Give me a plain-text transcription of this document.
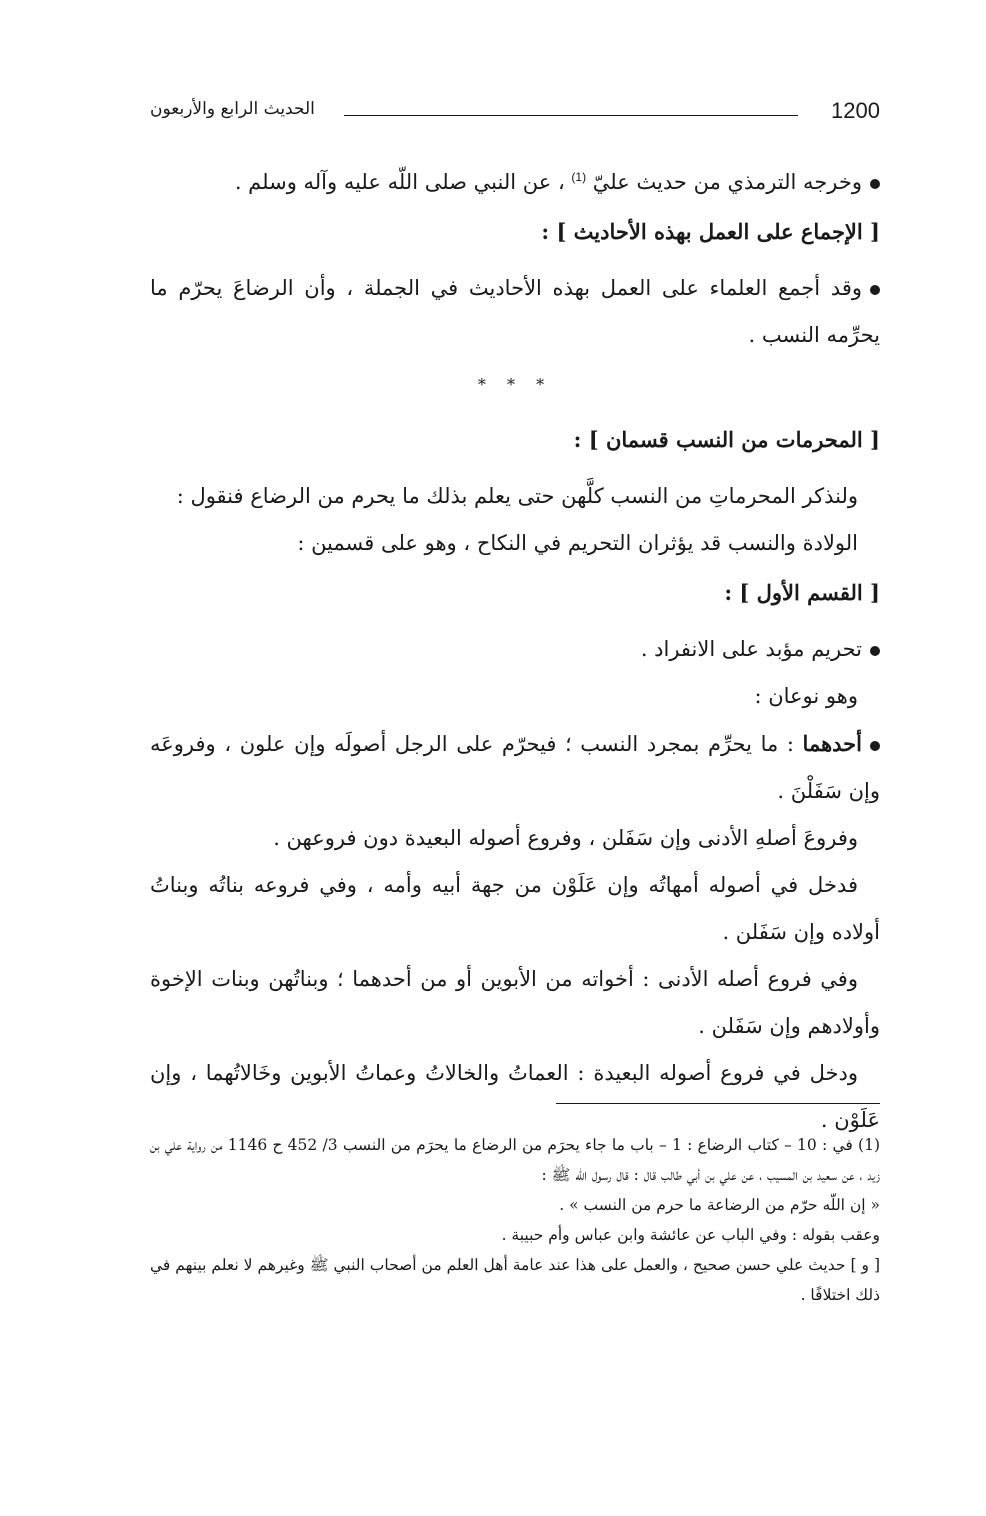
1200
الحديث الرابع والأربعون

وخرجه الترمذي من حديث عليّ $^{(1)}$ ، عن النبي صلى اللّه عليه وآله وسلم .

[ الإجماع على العمل بهذه الأحاديث ] :

وقد أجمع العلماء على العمل بهذه الأحاديث في الجملة ، وأن الرضاعَ يحرّم ما يحرِّمه النسب .

* * *

[ المحرمات من النسب قسمان ] :

ولنذكر المحرماتِ من النسب كلَّهن حتى يعلم بذلك ما يحرم من الرضاع فنقول :

الولادة والنسب قد يؤثران التحريم في النكاح ، وهو على قسمين :

[ القسم الأول ] :

تحريم مؤبد على الانفراد .

وهو نوعان :

أحدهما : ما يحرِّم بمجرد النسب ؛ فيحرّم على الرجل أصولَه وإن علون ، وفروعَه وإن سَفَلْنَ .

وفروعَ أصلهِ الأدنى وإن سَفَلن ، وفروع أصوله البعيدة دون فروعهن .

فدخل في أصوله أمهاتُه وإن عَلَوْن من جهة أبيه وأمه ، وفي فروعه بناتُه وبناتُ أولاده وإن سَفَلن .

وفي فروع أصله الأدنى : أخواته من الأبوين أو من أحدهما ؛ وبناتُهن وبنات الإخوة وأولادهم وإن سَفَلن .

ودخل في فروع أصوله البعيدة : العماتُ والخالاتُ وعماتُ الأبوين وخَالاتُهما ، وإن عَلَوْن .

(1) في : 10 – كتاب الرضاع : 1 – باب ما جاء يحرَم من الرضاع ما يحرَم من النسب 3/ 452 ح 1146 من رواية علي بن زيد ، عن سعيد بن المسيب ، عن علي بن أبي طالب قال : قال رسول اللّه ﷺ :

« إن اللّه حرّم من الرضاعة ما حرم من النسب » .

وعقب بقوله : وفي الباب عن عائشة وابن عباس وأم حبيبة .

[ و ] حديث علي حسن صحيح ، والعمل على هذا عند عامة أهل العلم من أصحاب النبي ﷺ وغيرهم لا نعلم بينهم في ذلك اختلافًا .
